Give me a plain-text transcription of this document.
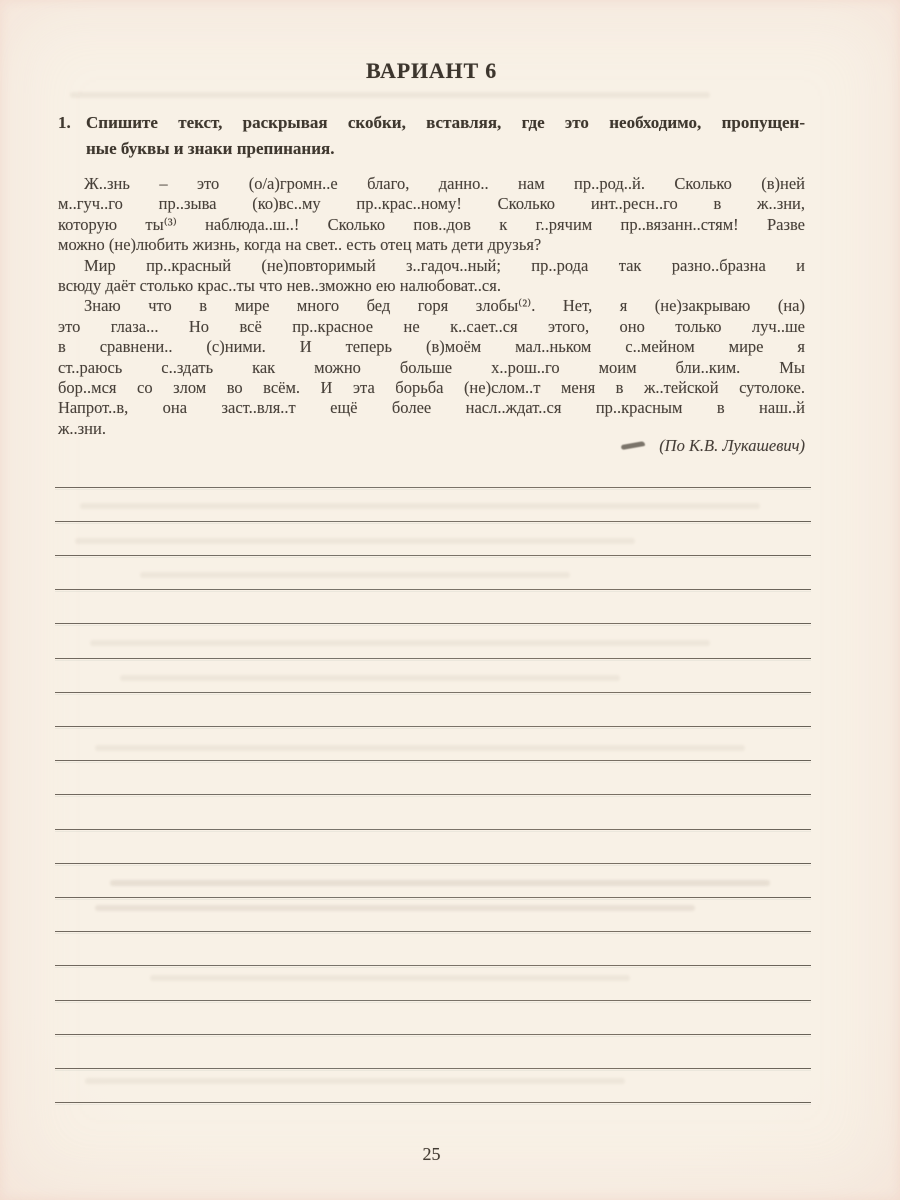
ВАРИАНТ 6
1. Спишите текст, раскрывая скобки, вставляя, где это необходимо, пропущен-
ные буквы и знаки препинания.
Ж..знь – это (о/а)громн..е благо, данно.. нам пр..род..й. Сколько (в)ней
м..гуч..го пр..зыва (ко)вс..му пр..крас..ному! Сколько инт..ресн..го в ж..зни,
которую ты⁽³⁾ наблюда..ш..! Сколько пов..дов к г..рячим пр..вязанн..стям! Разве
можно (не)любить жизнь, когда на свет.. есть отец мать дети друзья?
Мир пр..красный (не)повторимый з..гадоч..ный; пр..рода так разно..бразна и
всюду даёт столько крас..ты что нев..зможно ею налюбоват..ся.
Знаю что в мире много бед горя злобы⁽²⁾. Нет, я (не)закрываю (на)
это глаза... Но всё пр..красное не к..сает..ся этого, оно только луч..ше
в сравнени.. (с)ними. И теперь (в)моём мал..ньком с..мейном мире я
ст..раюсь с..здать как можно больше х..рош..го моим бли..ким. Мы
бор..мся со злом во всём. И эта борьба (не)слом..т меня в ж..тейской сутолоке.
Напрот..в, она заст..вля..т ещё более насл..ждат..ся пр..красным в наш..й
ж..зни.
(По К.В. Лукашевич)
25
